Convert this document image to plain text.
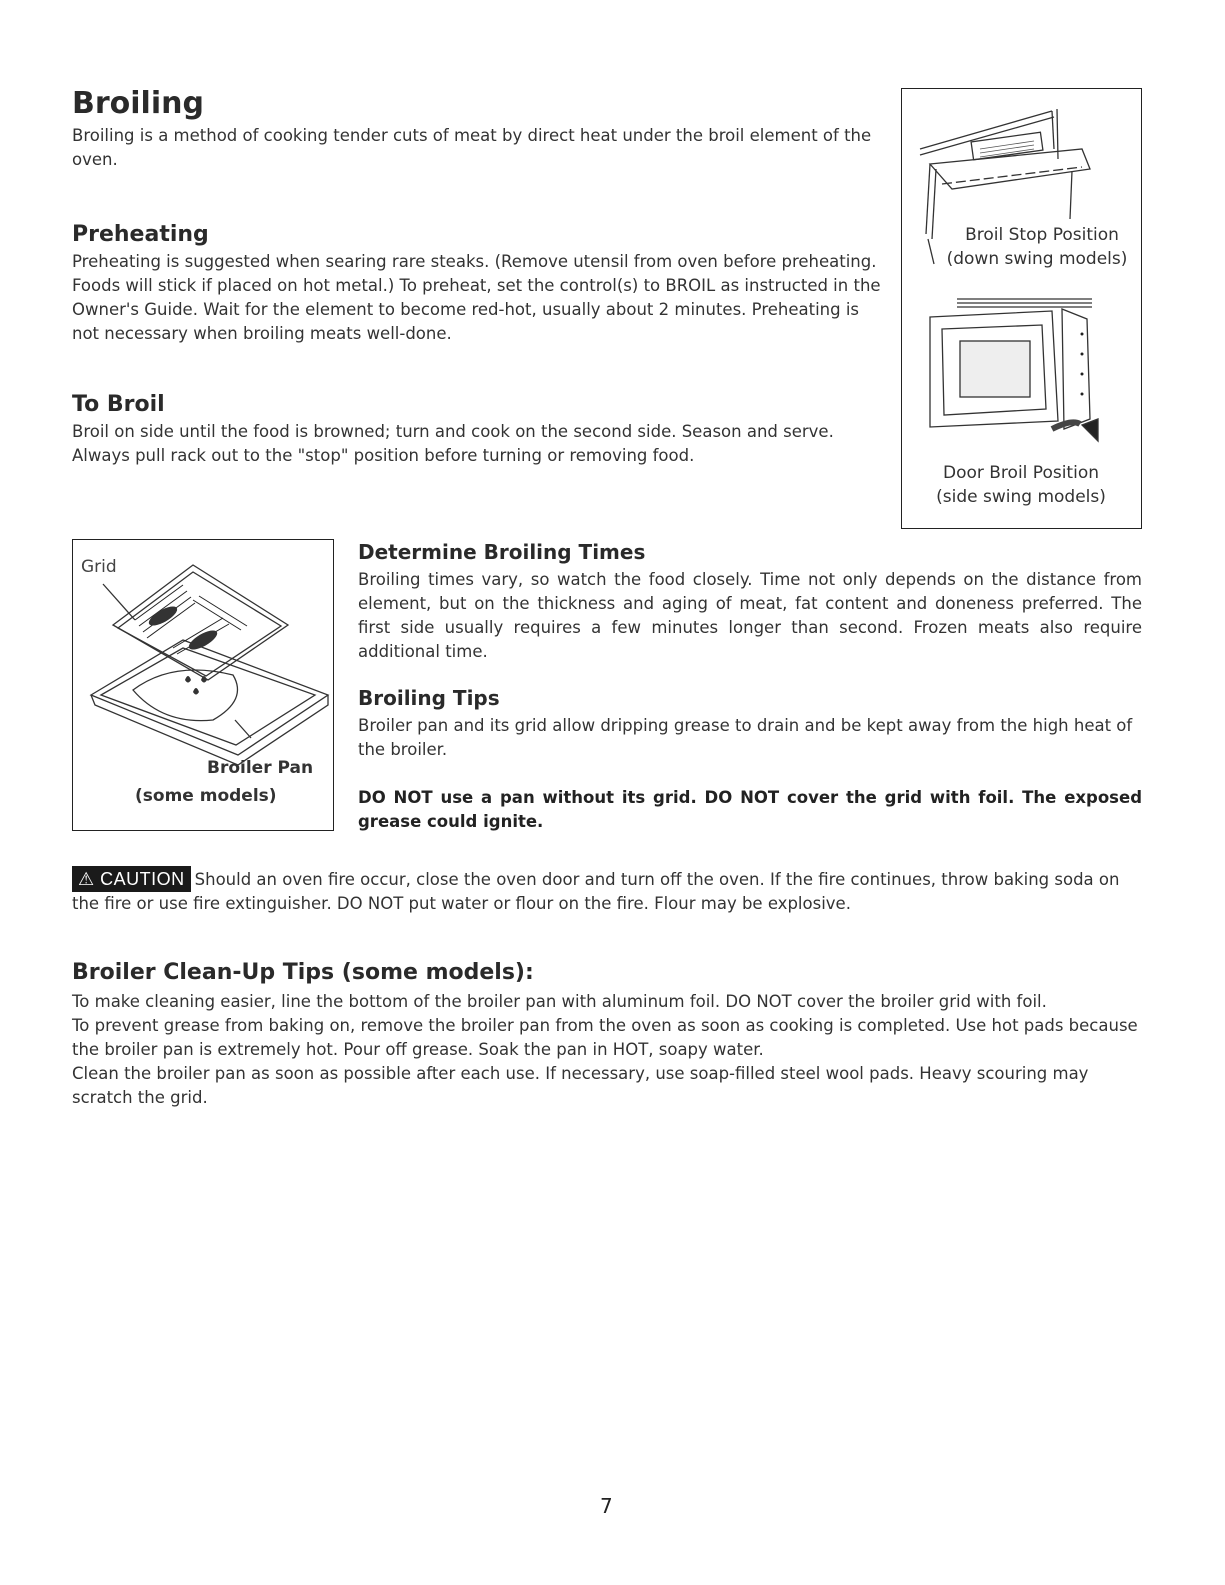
Broiling

Broiling is a method of cooking tender cuts of meat by direct heat under the broil element of the oven.

Preheating

Preheating is suggested when searing rare steaks. (Remove utensil from oven before preheating. Foods will stick if placed on hot metal.) To preheat, set the control(s) to BROIL as instructed in the Owner's Guide. Wait for the element to become red-hot, usually about 2 minutes. Preheating is not necessary when broiling meats well-done.

To Broil

Broil on side until the food is browned; turn and cook on the second side. Season and serve. Always pull rack out to the "stop" position before turning or removing food.

Broil Stop Position
(down swing models)
Door Broil Position
(side swing models)
Grid
Broiler Pan
(some models)
Determine Broiling Times

Broiling times vary, so watch the food closely. Time not only depends on the distance from element, but on the thickness and aging of meat, fat content and doneness preferred. The first side usually requires a few minutes longer than second. Frozen meats also require additional time.

Broiling Tips

Broiler pan and its grid allow dripping grease to drain and be kept away from the high heat of the broiler.

DO NOT use a pan without its grid. DO NOT cover the grid with foil. The exposed grease could ignite.

⚠ CAUTION Should an oven fire occur, close the oven door and turn off the oven. If the fire continues, throw baking soda on the fire or use fire extinguisher. DO NOT put water or flour on the fire. Flour may be explosive.

Broiler Clean-Up Tips (some models):

To make cleaning easier, line the bottom of the broiler pan with aluminum foil. DO NOT cover the broiler grid with foil.

To prevent grease from baking on, remove the broiler pan from the oven as soon as cooking is completed. Use hot pads because the broiler pan is extremely hot. Pour off grease. Soak the pan in HOT, soapy water.

Clean the broiler pan as soon as possible after each use. If necessary, use soap-filled steel wool pads. Heavy scouring may scratch the grid.

7
